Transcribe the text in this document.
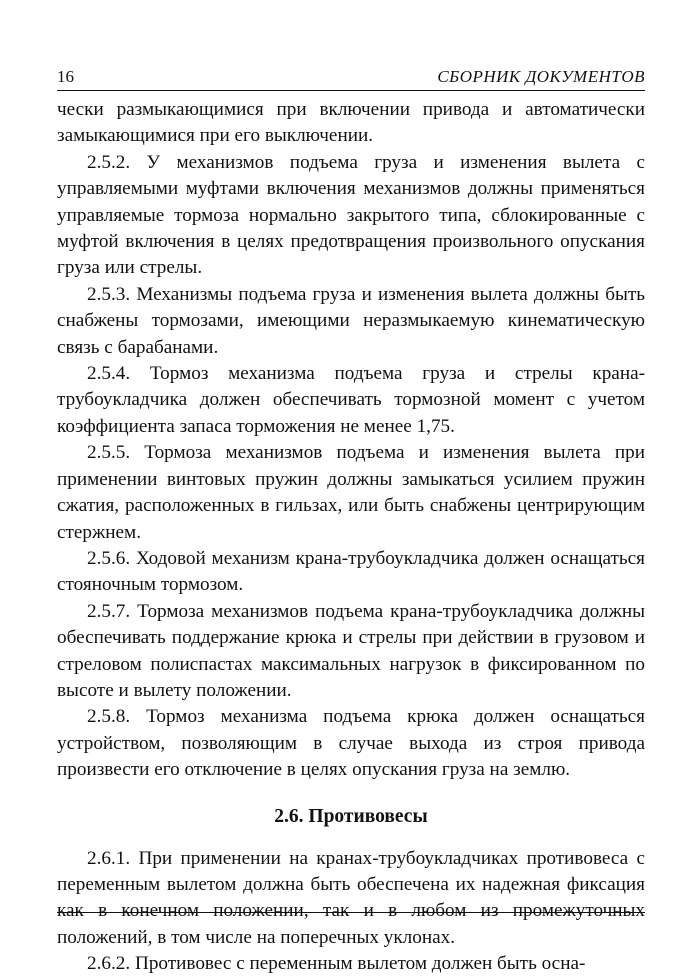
16	СБОРНИК ДОКУМЕНТОВ

чески размыкающимися при включении привода и автоматически замыкающимися при его выключении.

2.5.2. У механизмов подъема груза и изменения вылета с управляемыми муфтами включения механизмов должны применяться управляемые тормоза нормально закрытого типа, сблокированные с муфтой включения в целях предотвращения произвольного опускания груза или стрелы.

2.5.3. Механизмы подъема груза и изменения вылета должны быть снабжены тормозами, имеющими неразмыкаемую кинематическую связь с барабанами.

2.5.4. Тормоз механизма подъема груза и стрелы крана-трубоукладчика должен обеспечивать тормозной момент с учетом коэффициента запаса торможения не менее 1,75.

2.5.5. Тормоза механизмов подъема и изменения вылета при применении винтовых пружин должны замыкаться усилием пружин сжатия, расположенных в гильзах, или быть снабжены центрирующим стержнем.

2.5.6. Ходовой механизм крана-трубоукладчика должен оснащаться стояночным тормозом.

2.5.7. Тормоза механизмов подъема крана-трубоукладчика должны обеспечивать поддержание крюка и стрелы при действии в грузовом и стреловом полиспастах максимальных нагрузок в фиксированном по высоте и вылету положении.

2.5.8. Тормоз механизма подъема крюка должен оснащаться устройством, позволяющим в случае выхода из строя привода произвести его отключение в целях опускания груза на землю.

2.6. Противовесы

2.6.1. При применении на кранах-трубоукладчиках противовеса с переменным вылетом должна быть обеспечена их надежная фиксация как в конечном положении, так и в любом из промежуточных положений, в том числе на поперечных уклонах.

2.6.2. Противовес с переменным вылетом должен быть осна-
